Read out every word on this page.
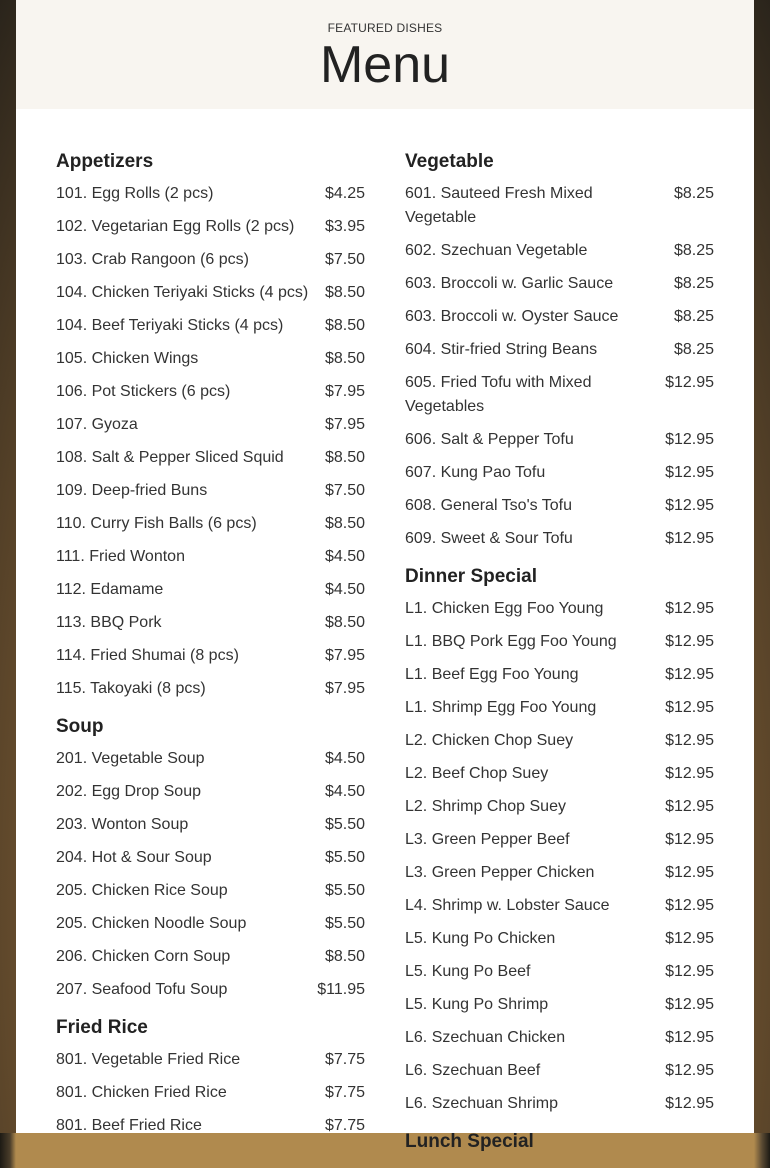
FEATURED DISHES
Menu
Appetizers
101. Egg Rolls (2 pcs)	$4.25
102. Vegetarian Egg Rolls (2 pcs)	$3.95
103. Crab Rangoon (6 pcs)	$7.50
104. Chicken Teriyaki Sticks (4 pcs)	$8.50
104. Beef Teriyaki Sticks (4 pcs)	$8.50
105. Chicken Wings	$8.50
106. Pot Stickers (6 pcs)	$7.95
107. Gyoza	$7.95
108. Salt & Pepper Sliced Squid	$8.50
109. Deep-fried Buns	$7.50
110. Curry Fish Balls (6 pcs)	$8.50
111. Fried Wonton	$4.50
112. Edamame	$4.50
113. BBQ Pork	$8.50
114. Fried Shumai (8 pcs)	$7.95
115. Takoyaki (8 pcs)	$7.95
Soup
201. Vegetable Soup	$4.50
202. Egg Drop Soup	$4.50
203. Wonton Soup	$5.50
204. Hot & Sour Soup	$5.50
205. Chicken Rice Soup	$5.50
205. Chicken Noodle Soup	$5.50
206. Chicken Corn Soup	$8.50
207. Seafood Tofu Soup	$11.95
Fried Rice
801. Vegetable Fried Rice	$7.75
801. Chicken Fried Rice	$7.75
801. Beef Fried Rice	$7.75
Vegetable
601. Sauteed Fresh Mixed Vegetable
$8.25
602. Szechuan Vegetable	$8.25
603. Broccoli w. Garlic Sauce	$8.25
603. Broccoli w. Oyster Sauce	$8.25
604. Stir-fried String Beans	$8.25
605. Fried Tofu with Mixed Vegetables
$12.95
606. Salt & Pepper Tofu	$12.95
607. Kung Pao Tofu	$12.95
608. General Tso's Tofu	$12.95
609. Sweet & Sour Tofu	$12.95
Dinner Special
L1. Chicken Egg Foo Young	$12.95
L1. BBQ Pork Egg Foo Young	$12.95
L1. Beef Egg Foo Young	$12.95
L1. Shrimp Egg Foo Young	$12.95
L2. Chicken Chop Suey	$12.95
L2. Beef Chop Suey	$12.95
L2. Shrimp Chop Suey	$12.95
L3. Green Pepper Beef	$12.95
L3. Green Pepper Chicken	$12.95
L4. Shrimp w. Lobster Sauce	$12.95
L5. Kung Po Chicken	$12.95
L5. Kung Po Beef	$12.95
L5. Kung Po Shrimp	$12.95
L6. Szechuan Chicken	$12.95
L6. Szechuan Beef	$12.95
L6. Szechuan Shrimp	$12.95
Lunch Special
